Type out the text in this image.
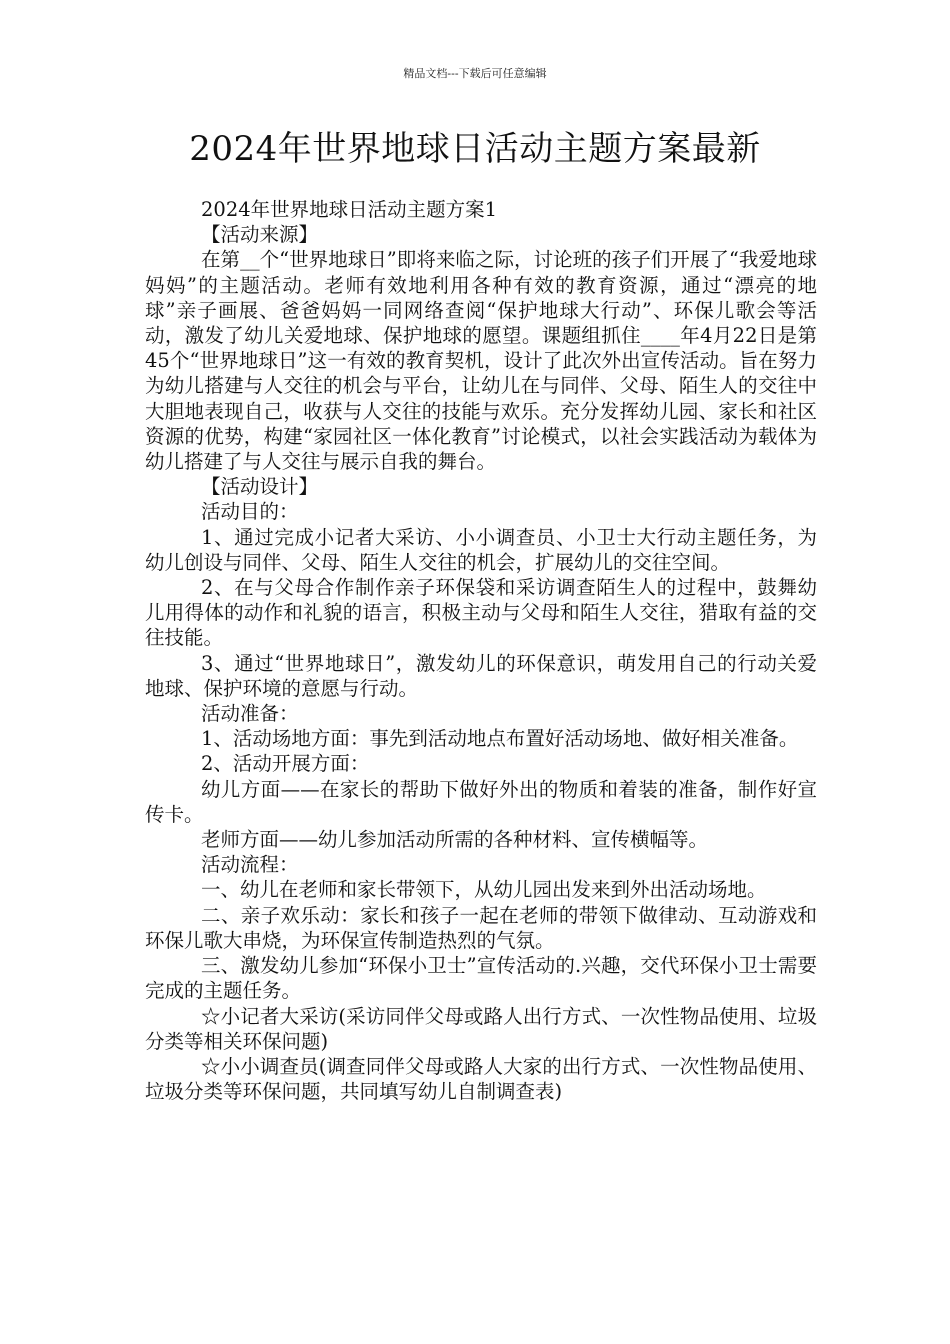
精品文档---下载后可任意编辑
2024年世界地球日活动主题方案最新

2024年世界地球日活动主题方案1

【活动来源】

在第__个“世界地球日”即将来临之际，讨论班的孩子们开展了“我爱地球妈妈”的主题活动。老师有效地利用各种有效的教育资源，通过“漂亮的地球”亲子画展、爸爸妈妈一同网络查阅“保护地球大行动”、环保儿歌会等活动，激发了幼儿关爱地球、保护地球的愿望。课题组抓住____年4月22日是第45个“世界地球日”这一有效的教育契机，设计了此次外出宣传活动。旨在努力为幼儿搭建与人交往的机会与平台，让幼儿在与同伴、父母、陌生人的交往中大胆地表现自己，收获与人交往的技能与欢乐。充分发挥幼儿园、家长和社区资源的优势，构建“家园社区一体化教育”讨论模式，以社会实践活动为载体为幼儿搭建了与人交往与展示自我的舞台。

【活动设计】

活动目的：

1、通过完成小记者大采访、小小调查员、小卫士大行动主题任务，为幼儿创设与同伴、父母、陌生人交往的机会，扩展幼儿的交往空间。

2、在与父母合作制作亲子环保袋和采访调查陌生人的过程中，鼓舞幼儿用得体的动作和礼貌的语言，积极主动与父母和陌生人交往，猎取有益的交往技能。

3、通过“世界地球日”，激发幼儿的环保意识，萌发用自己的行动关爱地球、保护环境的意愿与行动。

活动准备：

1、活动场地方面：事先到活动地点布置好活动场地、做好相关准备。

2、活动开展方面：

幼儿方面——在家长的帮助下做好外出的物质和着装的准备，制作好宣传卡。

老师方面——幼儿参加活动所需的各种材料、宣传横幅等。

活动流程：

一、幼儿在老师和家长带领下，从幼儿园出发来到外出活动场地。

二、亲子欢乐动：家长和孩子一起在老师的带领下做律动、互动游戏和环保儿歌大串烧，为环保宣传制造热烈的气氛。

三、激发幼儿参加“环保小卫士”宣传活动的.兴趣，交代环保小卫士需要完成的主题任务。

☆小记者大采访(采访同伴父母或路人出行方式、一次性物品使用、垃圾分类等相关环保问题)

☆小小调查员(调查同伴父母或路人大家的出行方式、一次性物品使用、垃圾分类等环保问题，共同填写幼儿自制调查表)
